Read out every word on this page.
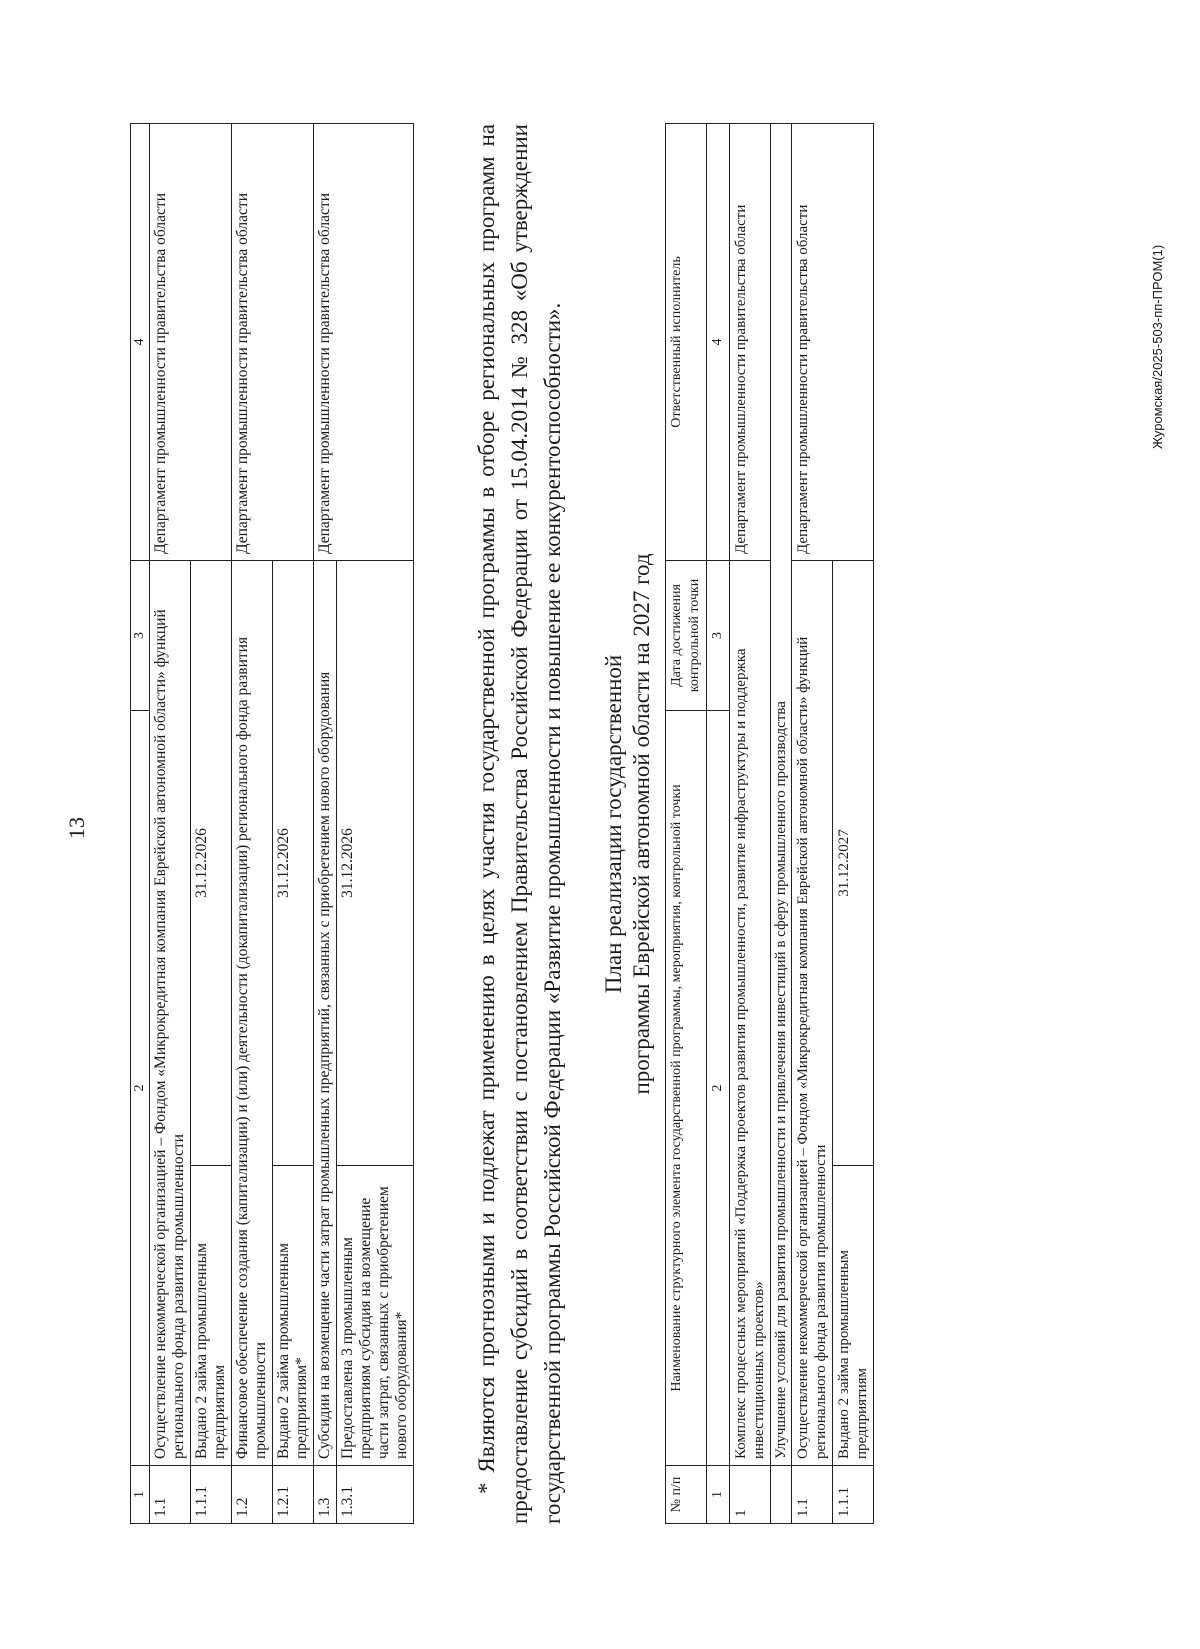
13
1	2		3	4
1.1	Осуществление некоммерческой организацией – Фондом «Микрокредитная компания Еврейской автономной области» функций регионального фонда развития промышленности			Департамент промышленности правительства области
1.1.1	Выдано 2 займа промышленным предприятиям	31.12.2026		
1.2	Финансовое обеспечение создания (капитализации) и (или) деятельности (докапитализации) регионального фонда развития промышленности			Департамент промышленности правительства области
1.2.1	Выдано 2 займа промышленным предприятиям*	31.12.2026		
1.3	Субсидии на возмещение части затрат промышленных предприятий, связанных с приобретением нового оборудования			Департамент промышленности правительства области
1.3.1	Предоставлена 3 промышленным предприятиям субсидия на возмещение части затрат, связанных с приобретением нового оборудования*	31.12.2026			* Являются прогнозными и подлежат применению в целях участия государственной программы в отборе региональных программ на предоставление субсидий в соответствии с постановлением Правительства Российской Федерации от 15.04.2014 № 328 «Об утверждении государственной программы Российской Федерации «Развитие промышленности и повышение ее конкурентоспособности». План реализации государственной программы Еврейской автономной области на 2027 год
№ п/п	Наименование структурного элемента государственной программы, мероприятия, контрольной точки		Дата достижения контрольной точки	Ответственный исполнитель
1	2		3	4
1	Комплекс процессных мероприятий «Поддержка проектов развития промышленности, развитие инфраструктуры и поддержка инвестиционных проектов»			Департамент промышленности правительства области
	Улучшение условий для развития промышленности и привлечения инвестиций в сферу промышленного производства			
1.1	Осуществление некоммерческой организацией – Фондом «Микрокредитная компания Еврейской автономной области» функций регионального фонда развития промышленности			Департамент промышленности правительства области
1.1.1	Выдано 2 займа промышленным предприятиям	31.12.2027		
Журомская/2025-503-пп-ПРОМ(1)
